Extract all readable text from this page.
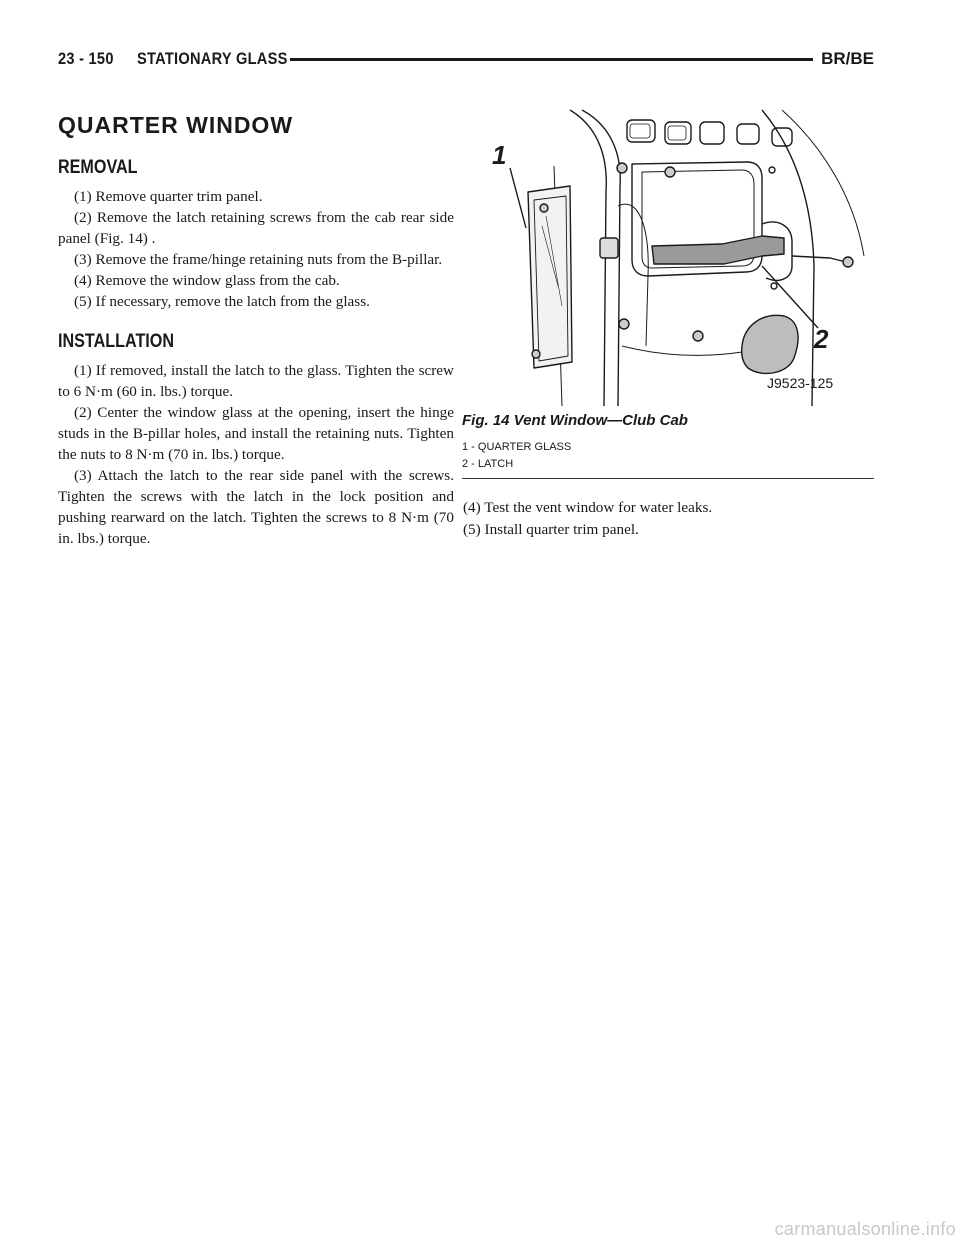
23 - 150 STATIONARY GLASS	BR/BE
QUARTER WINDOW
REMOVAL

(1) Remove quarter trim panel.

(2) Remove the latch retaining screws from the cab rear side panel (Fig. 14) .

(3) Remove the frame/hinge retaining nuts from the B-pillar.

(4) Remove the window glass from the cab.

(5) If necessary, remove the latch from the glass.

INSTALLATION

(1) If removed, install the latch to the glass. Tighten the screw to 6 N·m (60 in. lbs.) torque.

(2) Center the window glass at the opening, insert the hinge studs in the B-pillar holes, and install the retaining nuts. Tighten the nuts to 8 N·m (70 in. lbs.) torque.

(3) Attach the latch to the rear side panel with the screws. Tighten the screws with the latch in the lock position and pushing rearward on the latch. Tighten the screws to 8 N·m (70 in. lbs.) torque.

1
2
J9523-125
Fig. 14 Vent Window—Club Cab
1 - QUARTER GLASS
2 - LATCH

(4) Test the vent window for water leaks.

(5) Install quarter trim panel.

carmanualsonline.info
